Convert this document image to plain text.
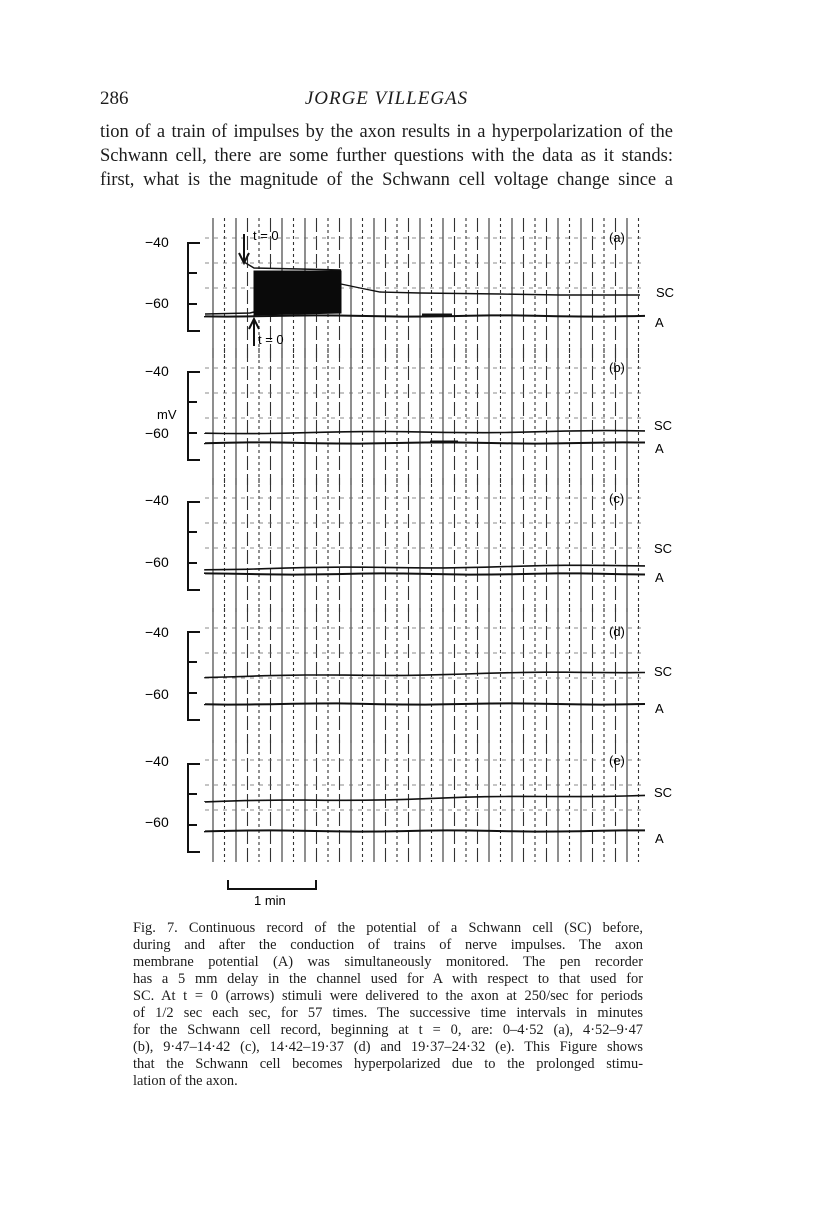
286	JORGE VILLEGAS
tion of a train of impulses by the axon results in a hyperpolarization of the
Schwann cell, there are some further questions with the data as it stands:
first, what is the magnitude of the Schwann cell voltage change since a
mV
−40
−60
SC
A
(a)
t = 0
t = 0
−40
−60	SC
A
(b)
−40
−60
SC
A
(c)
−40
−60
SC
A
(d)
−40
−60
SC
A
(e)
1 min
Fig. 7. Continuous record of the potential of a Schwann cell (SC) before,
during and after the conduction of trains of nerve impulses. The axon
membrane potential (A) was simultaneously monitored. The pen recorder
has a 5 mm delay in the channel used for A with respect to that used for
SC. At t = 0 (arrows) stimuli were delivered to the axon at 250/sec for periods
of 1/2 sec each sec, for 57 times. The successive time intervals in minutes
for the Schwann cell record, beginning at t = 0, are: 0–4·52 (a), 4·52–9·47
(b), 9·47–14·42 (c), 14·42–19·37 (d) and 19·37–24·32 (e). This Figure shows
that the Schwann cell becomes hyperpolarized due to the prolonged stimu-
lation of the axon.
